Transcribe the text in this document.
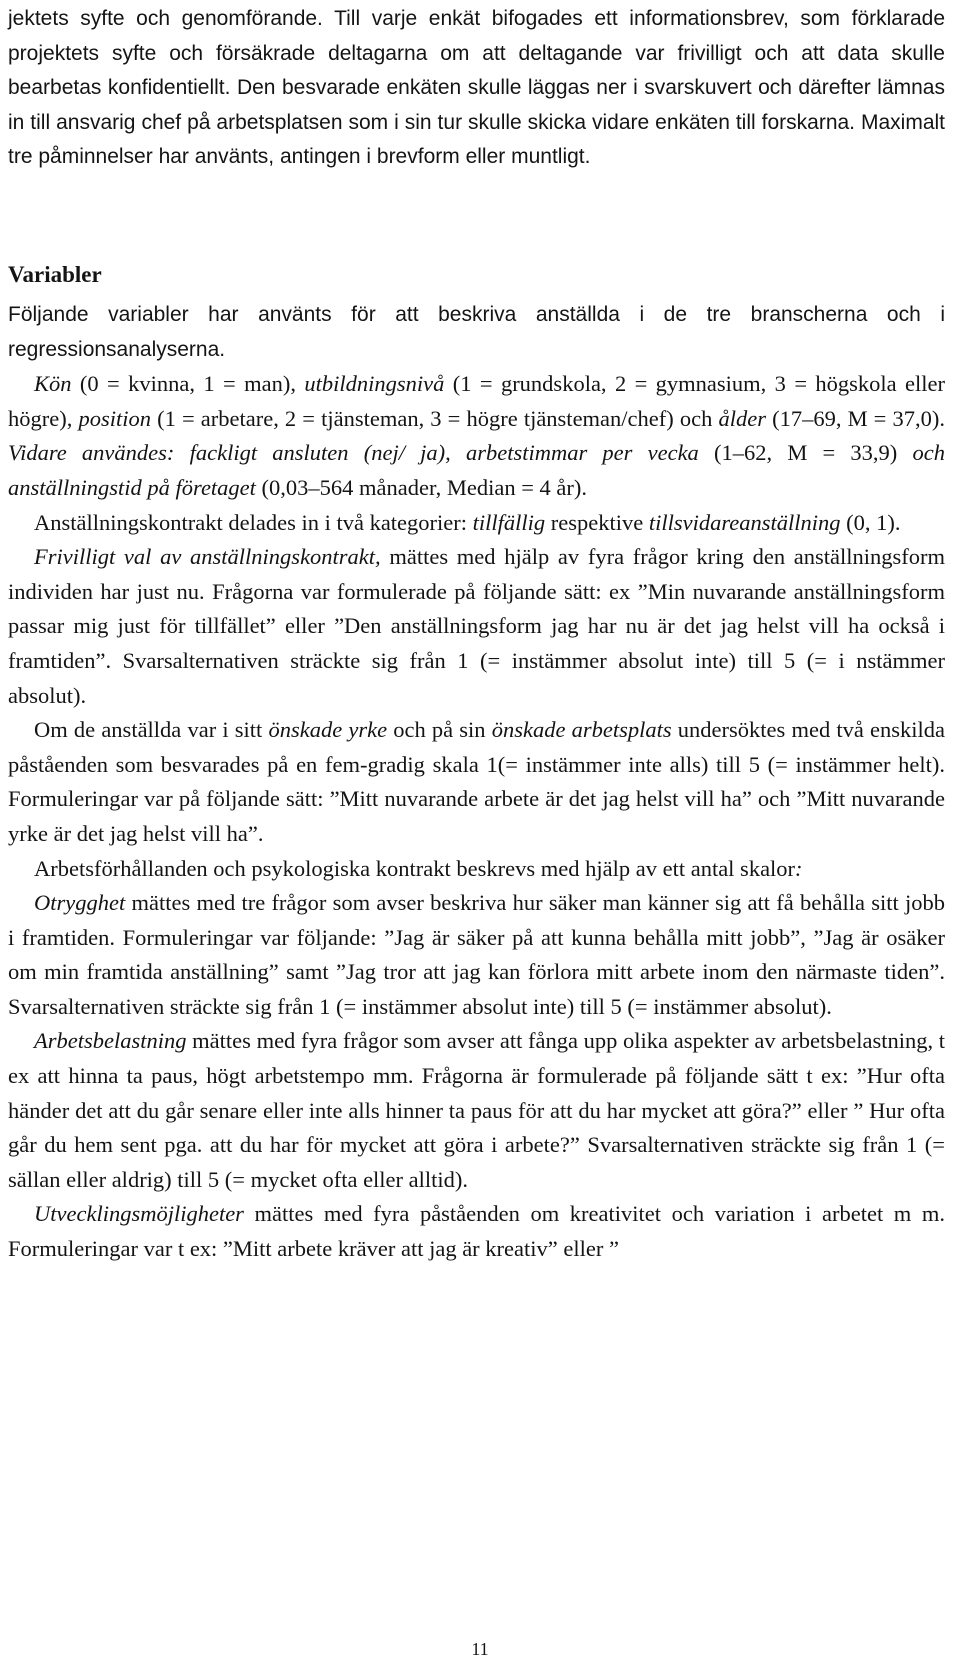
jektets syfte och genomförande. Till varje enkät bifogades ett informationsbrev, som förklarade projektets syfte och försäkrade deltagarna om att deltagande var frivilligt och att data skulle bearbetas konfidentiellt. Den besvarade enkäten skulle läggas ner i svarskuvert och därefter lämnas in till ansvarig chef på arbetsplatsen som i sin tur skulle skicka vidare enkäten till forskarna. Maximalt tre påminnelser har använts, antingen i brevform eller muntligt.

Variabler

Följande variabler har använts för att beskriva anställda i de tre branscherna och i regressionsanalyserna.

Kön (0 = kvinna, 1 = man), utbildningsnivå (1 = grundskola, 2 = gymnasium, 3 = högskola eller högre), position (1 = arbetare, 2 = tjänsteman, 3 = högre tjänsteman/chef) och ålder (17–69, M = 37,0). Vidare användes: fackligt ansluten (nej/ ja), arbetstimmar per vecka (1–62, M = 33,9) och anställningstid på företaget (0,03–564 månader, Median = 4 år).

Anställningskontrakt delades in i två kategorier: tillfällig respektive tillsvidareanställning (0, 1).

Frivilligt val av anställningskontrakt, mättes med hjälp av fyra frågor kring den anställningsform individen har just nu. Frågorna var formulerade på följande sätt: ex ”Min nuvarande anställningsform passar mig just för tillfället” eller ”Den anställningsform jag har nu är det jag helst vill ha också i framtiden”. Svarsalternativen sträckte sig från 1 (= instämmer absolut inte) till 5 (= i nstämmer absolut).

Om de anställda var i sitt önskade yrke och på sin önskade arbetsplats undersöktes med två enskilda påståenden som besvarades på en fem-gradig skala 1(= instämmer inte alls) till 5 (= instämmer helt). Formuleringar var på följande sätt: ”Mitt nuvarande arbete är det jag helst vill ha” och ”Mitt nuvarande yrke är det jag helst vill ha”.

Arbetsförhållanden och psykologiska kontrakt beskrevs med hjälp av ett antal skalor:

Otrygghet mättes med tre frågor som avser beskriva hur säker man känner sig att få behålla sitt jobb i framtiden. Formuleringar var följande: ”Jag är säker på att kunna behålla mitt jobb”, ”Jag är osäker om min framtida anställning” samt ”Jag tror att jag kan förlora mitt arbete inom den närmaste tiden”. Svarsalternativen sträckte sig från 1 (= instämmer absolut inte) till 5 (= instämmer absolut).

Arbetsbelastning mättes med fyra frågor som avser att fånga upp olika aspekter av arbetsbelastning, t ex att hinna ta paus, högt arbetstempo mm. Frågorna är formulerade på följande sätt t ex: ”Hur ofta händer det att du går senare eller inte alls hinner ta paus för att du har mycket att göra?” eller ” Hur ofta går du hem sent pga. att du har för mycket att göra i arbete?” Svarsalternativen sträckte sig från 1 (= sällan eller aldrig) till 5 (= mycket ofta eller alltid).

Utvecklingsmöjligheter mättes med fyra påståenden om kreativitet och variation i arbetet m m. Formuleringar var t ex: ”Mitt arbete kräver att jag är kreativ” eller ”

11
